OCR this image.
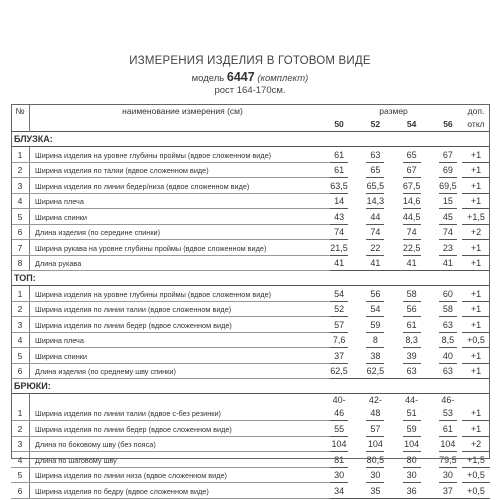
ИЗМЕРЕНИЯ ИЗДЕЛИЯ В ГОТОВОМ ВИДЕ
модель 6447 (комплект)
рост 164-170см.
№	наименование измерения (см)	размер								доп.
		50		52		54		56		откл
БЛУЗКА:										
1	Ширина изделия на уровне глубины проймы (вдвое сложенном виде)	61		63		65		67		+1
2	Ширина изделия по талии (вдвое сложенном виде)	61		65		67		69		+1
3	Ширина изделия по линии бедер/низа (вдвое сложенном виде)	63,5		65,5		67,5		69,5		+1
4	Ширина плеча	14		14,3		14,6		15		+1
5	Ширина спинки	43		44		44,5		45		+1,5
6	Длина изделия (по середине спинки)	74		74		74		74		+2
7	Ширина рукава на уровне глубины проймы (вдвое сложенном виде)	21,5		22		22,5		23		+1
8	Длина рукава	41		41		41		41		+1
ТОП:										
1	Ширина изделия на уровне глубины проймы (вдвое сложенном виде)	54		56		58		60		+1
2	Ширина изделия по линии талии (вдвое сложенном виде)	52		54		56		58		+1
3	Ширина изделия по линии бедер (вдвое сложенном виде)	57		59		61		63		+1
4	Ширина плеча	7,6		8		8,3		8,5		+0,5
5	Ширина спинки	37		38		39		40		+1
6	Длина изделия (по среднему шву спинки)	62,5		62,5		63		63		+1
БРЮКИ:										
1	Ширина изделия по линии талии (вдвое с-без резинки)	40-46		42-48		44-51		46-53		+1
2	Ширина изделия по линии бедер (вдвое сложенном виде)	55		57		59		61		+1
3	Длина по боковому шву (без пояса)	104		104		104		104		+2
4	Длина по шаговому шву	81		80,5		80		79,5		+1,5
5	Ширина изделия по линии низа (вдвое сложенном виде)	30		30		30		30		+0,5
6	Ширина изделия по бедру (вдвое сложенном виде)	34		35		36		37		+0,5
